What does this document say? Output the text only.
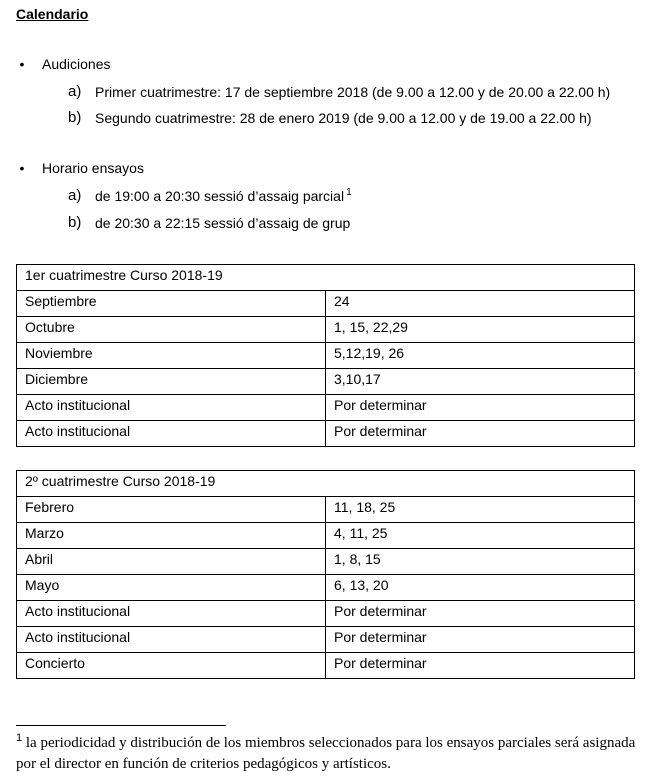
Calendario
• Audiciones
a) Primer cuatrimestre: 17 de septiembre 2018 (de 9.00 a 12.00 y de 20.00 a 22.00 h)
b) Segundo cuatrimestre: 28 de enero 2019 (de 9.00 a 12.00 y de 19.00 a 22.00 h)
• Horario ensayos
a) de 19:00 a 20:30 sessió d’assaig parcial $^1$
b) de 20:30 a 22:15 sessió d’assaig de grup
1er cuatrimestre Curso 2018-19	
Septiembre	24
Octubre	1, 15, 22,29
Noviembre	5,12,19, 26
Diciembre	3,10,17
Acto institucional	Por determinar
Acto institucional	Por determinar
2º cuatrimestre Curso 2018-19	
Febrero	11, 18, 25
Marzo	4, 11, 25
Abril	1, 8, 15
Mayo	6, 13, 20
Acto institucional	Por determinar
Acto institucional	Por determinar
Concierto	Por determinar
$^1$ la periodicidad y distribución de los miembros seleccionados para los ensayos parciales será asignada por el director en función de criterios pedagógicos y artísticos.
